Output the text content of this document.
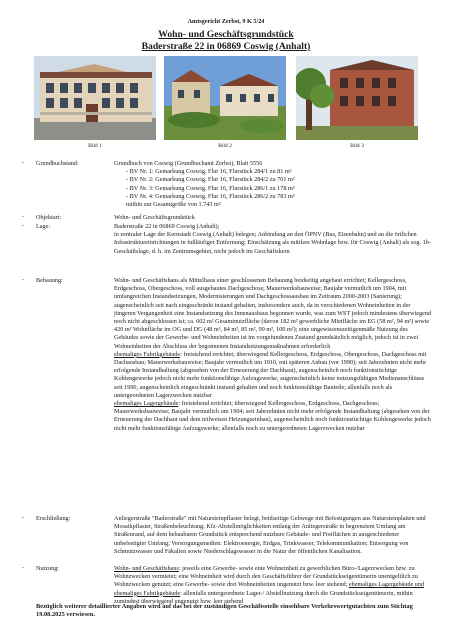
Amtsgericht Zerbst, 9 K 5/24
Wohn- und Geschäftsgrundstück
Baderstraße 22 in 06869 Coswig (Anhalt)
Bild 1	Bild 2	Bild 3
- Grundbuchstand:	Grundbuch von Coswig (Grundbuchamt Zerbst), Blatt 5556

- BV Nr. 1: Gemarkung Coswig, Flur 16, Flurstück 284/1 zu 81 m²

- BV Nr. 2: Gemarkung Coswig, Flur 16, Flurstück 284/2 zu 701 m²

- BV Nr. 3: Gemarkung Coswig, Flur 16, Flurstück 286/1 zu 178 m²

- BV Nr. 4: Gemarkung Coswig, Flur 16, Flurstück 286/2 zu 783 m²

mithin zur Gesamtgröße von 1.743 m²

- Objektart:	Wohn- und Geschäftsgrundstück
- Lage:	Baderstraße 22 in 06869 Coswig (Anhalt);
in zentraler Lage der Kernstadt Coswig (Anhalt) belegen; Anbindung an den ÖPNV (Bus, Eisenbahn) und an die örtlichen Infrastruktureinrichtungen in fußläufiger Entfernung; Einschätzung als mittlere Wohnlage bzw. für Coswig (Anhalt) als sog. 1b-Geschäftslage, d. h. im Zentrumsgebiet, nicht jedoch im Geschäftskern
- Bebauung:	Wohn- und Geschäftshaus als Mittelhaus einer geschlossenen Bebauung beidseitig angebaut errichtet; Kellergeschoss, Erdgeschoss, Obergeschoss, voll ausgebautes Dachgeschoss; Mauerwerksbauweise; Baujahr vermutlich um 1904, mit umfangreichen Instandsetzungen, Modernisierungen und Dachgeschossausbau im Zeitraum 2000-2003 (Sanierung); augenscheinlich seit nach eingeschränkt instand gehalten, insbesondere auch, da in verschiedenen Wohneinheiten in der jüngeren Vergangenheit eine Instandsetzung des Innenausbaus begonnen wurde, was zum WST jedoch mindestens überwiegend noch nicht abgeschlossen ist; ca. 602 m² Gesamtnutzfläche (davon 182 m² gewerbliche Mietfläche im EG (58 m², 94 m²) sowie 420 m² Wohnfläche im OG und DG (48 m², 84 m², 85 m², 99 m², 100 m²); eine ungewissenszeitigenmäße Nutzung des Gebäudes sowie der Gewerbe- und Wohneinheiten ist im vorgefundenen Zustand grundsätzlich möglich, jedoch ist in zwei Wohneinheiten der Abschluss der begonnenen Instandsetzungsmaßnahmen erforderlich

ehemaliges Fabrikgebäude: freistehend errichtet; überwiegend Kellergeschoss, Erdgeschoss, Obergeschoss, Dachgeschoss mit Dachausbau; Mauerwerksbauweise; Baujahr vermutlich um 1910, mit späteren Anbau (vor 1990); seit Jahrzehnten nicht mehr erfolgende Instandhaltung (abgesehen von der Erneuerung der Dachhaut), augenscheinlich noch funktionstüchtige Kohlengewerke jedoch nicht mehr funktionsfähige Aufzugswerke, augenscheinlich keine nutzungsfähigen Medienanschlüsse seit 1990, augenscheinlich eingeschränkt instand gehalten und noch funktionsfähige Bauteile; allenfalls noch als untergeordneten Lagerzwecken nutzbar

ehemaliges Lagergebäude: freistehend errichtet; überwiegend Kellergeschoss, Erdgeschoss, Dachgeschoss; Mauerwerksbauweise; Baujahr vermutlich um 1904; seit Jahrzehnten nicht mehr erfolgende Instandhaltung (abgesehen von der Erneuerung der Dachhaut und dem teilweisen Heizungseinbau), augenscheinlich noch funktionstüchtige Kohlengewerke jedoch nicht mehr funktionsfähige Aufzugswerke; allenfalls noch zu untergeordneten Lagerzwecken nutzbar

- Erschließung:	Anliegerstraße "Baderstraße" mit Natursteinpflaster belegt, beidseitige Gehwege mit Befestigungen aus Natursteinplatten und Mosaikpflaster, Straßenbeleuchtung; Kfz-Abstellmöglichkeiten entlang der Anliegerstraße in begrenztem Umfang am Straßenrand, auf dem bebaubaren Grundstück entsprechend nutzbare Gebäude- und Freiflächen in ausgeschiedener unbefestigter Umfang; Versorgungsmedien: Elektroenergie, Erdgas, Trinkwasser, Telekommunikation; Entsorgung von Schmutzwasser und Fäkalien sowie Niederschlagswasser in die Natur der öffentlichen Kanalisation.
- Nutzung:	Wohn- und Geschäftshaus: jeweils eine Gewerbe- sowie eine Wohneinheit zu gewerblichen Büro-/Lagerzwecken bzw. zu Wohnzwecken vermietet; eine Wohneinheit wird durch den Geschäftsführer der Grundstückseigentümerin unentgeltlich zu Wohnzwecken genutzt; eine Gewerbe- sowie drei Wohneinheiten ungenutzt bzw. leer stehend; ehemaliges Lagergebäude und ehemaliges Fabrikgebäude: allenfalls untergeordnete Lager-/ Abstellnutzung durch die Grundstückseigentümerin, mithin zumindest überwiegend ungenutzt bzw. leer stehend

Bezüglich weiterer detaillierter Angaben wird auf das bei der zuständigen Geschäftsstelle einsehbare Verkehrswertgutachten zum Stichtag 19.08.2025 verwiesen.
